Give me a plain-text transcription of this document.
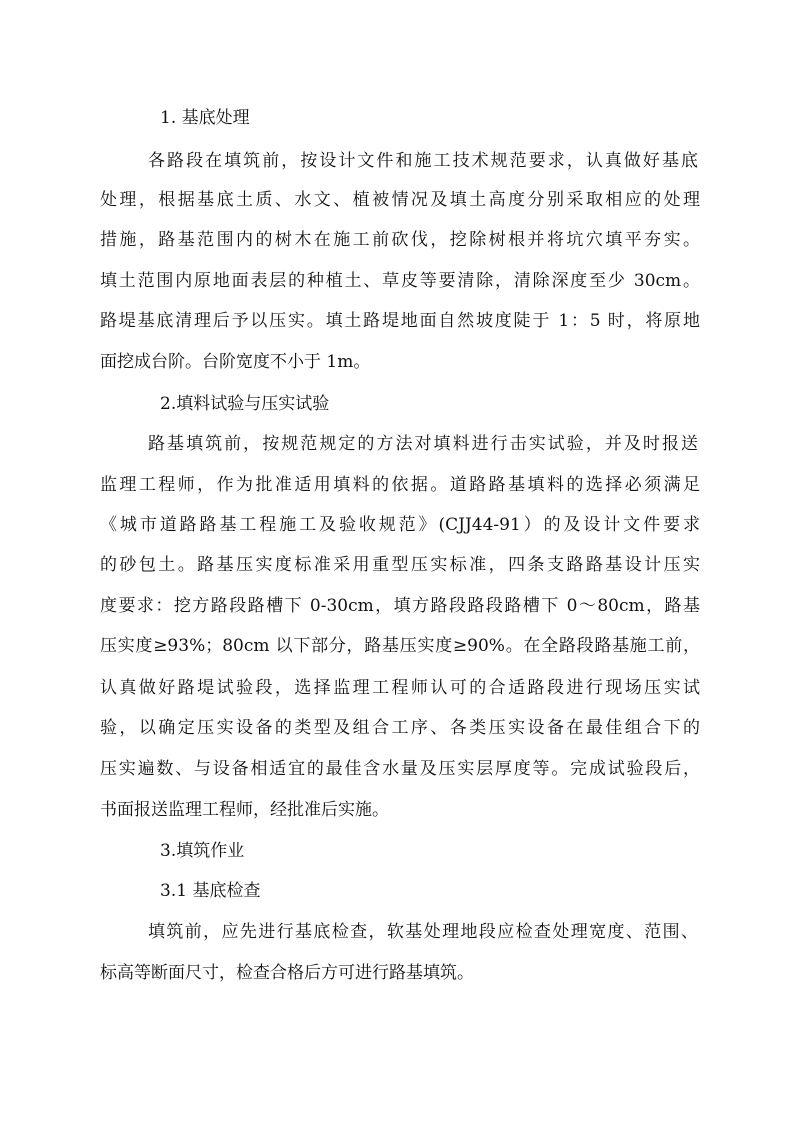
1. 基底处理
各路段在填筑前，按设计文件和施工技术规范要求，认真做好基底
处理，根据基底土质、水文、植被情况及填土高度分别采取相应的处理
措施，路基范围内的树木在施工前砍伐，挖除树根并将坑穴填平夯实。
填土范围内原地面表层的种植土、草皮等要清除，清除深度至少 30cm。
路堤基底清理后予以压实。填土路堤地面自然坡度陡于 1：5 时，将原地
面挖成台阶。台阶宽度不小于 1m。
2.填料试验与压实试验
路基填筑前，按规范规定的方法对填料进行击实试验，并及时报送
监理工程师，作为批准适用填料的依据。道路路基填料的选择必须满足
《城市道路路基工程施工及验收规范》(CJJ44-91）的及设计文件要求
的砂包土。路基压实度标准采用重型压实标准，四条支路路基设计压实
度要求：挖方路段路槽下 0-30cm，填方路段路段路槽下 0～80cm，路基
压实度≥93%；80cm 以下部分，路基压实度≥90%。在全路段路基施工前，
认真做好路堤试验段，选择监理工程师认可的合适路段进行现场压实试
验，以确定压实设备的类型及组合工序、各类压实设备在最佳组合下的
压实遍数、与设备相适宜的最佳含水量及压实层厚度等。完成试验段后，
书面报送监理工程师，经批准后实施。
3.填筑作业
3.1 基底检查
填筑前，应先进行基底检查，软基处理地段应检查处理宽度、范围、
标高等断面尺寸，检查合格后方可进行路基填筑。
